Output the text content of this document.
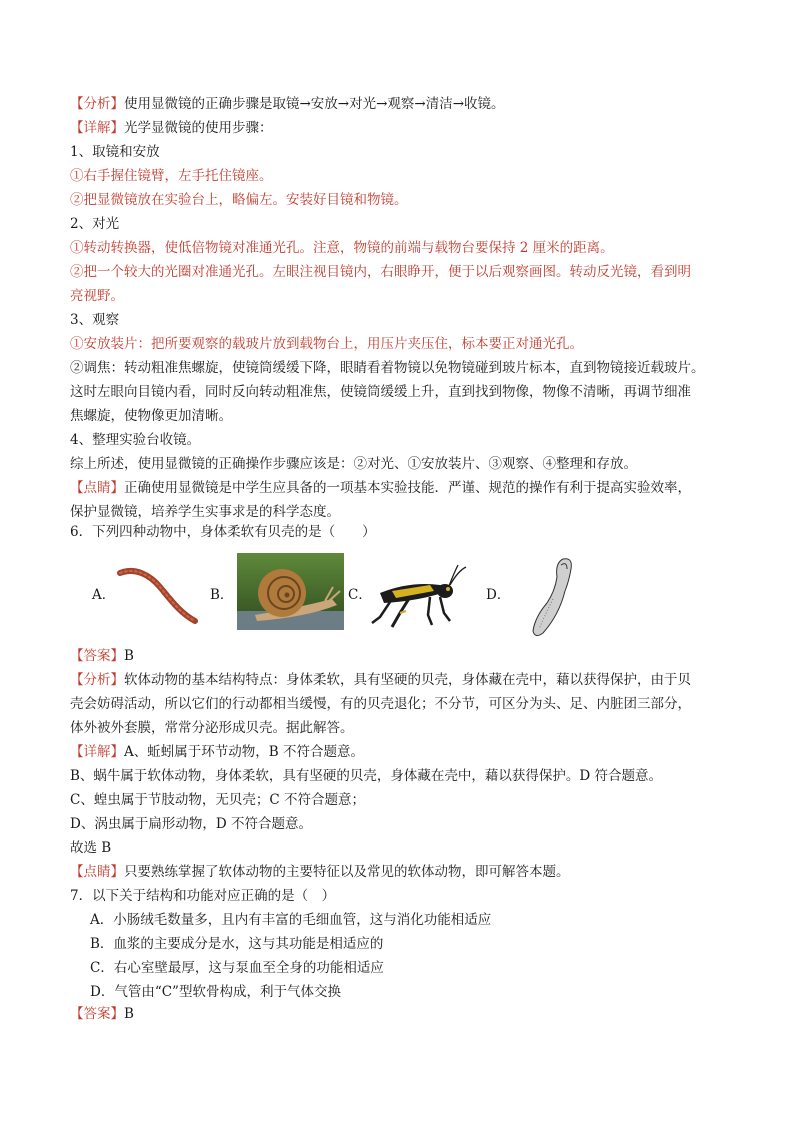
【分析】使用显微镜的正确步骤是取镜→安放→对光→观察→清洁→收镜。
【详解】光学显微镜的使用步骤：
1、取镜和安放
①右手握住镜臂，左手托住镜座。
②把显微镜放在实验台上，略偏左。安装好目镜和物镜。
2、对光
①转动转换器，使低倍物镜对准通光孔。注意，物镜的前端与载物台要保持 2 厘米的距离。
②把一个较大的光圈对准通光孔。左眼注视目镜内，右眼睁开，便于以后观察画图。转动反光镜，看到明
亮视野。
3、观察
①安放装片：把所要观察的载玻片放到载物台上，用压片夹压住，标本要正对通光孔。
②调焦：转动粗准焦螺旋，使镜筒缓缓下降，眼睛看着物镜以免物镜碰到玻片标本，直到物镜接近载玻片。
这时左眼向目镜内看，同时反向转动粗准焦，使镜筒缓缓上升，直到找到物像，物像不清晰，再调节细准
焦螺旋，使物像更加清晰。
4、整理实验台收镜。
综上所述，使用显微镜的正确操作步骤应该是：②对光、①安放装片、③观察、④整理和存放。
【点睛】正确使用显微镜是中学生应具备的一项基本实验技能．严谨、规范的操作有利于提高实验效率，
保护显微镜，培养学生实事求是的科学态度。
6．下列四种动物中，身体柔软有贝壳的是（　　）
A．	B．	C．	D．
【答案】B
【分析】软体动物的基本结构特点：身体柔软，具有坚硬的贝壳，身体藏在壳中，藉以获得保护，由于贝
壳会妨碍活动，所以它们的行动都相当缓慢，有的贝壳退化；不分节，可区分为头、足、内脏团三部分，
体外被外套膜，常常分泌形成贝壳。据此解答。
【详解】A、蚯蚓属于环节动物，B 不符合题意。
B、蜗牛属于软体动物，身体柔软，具有坚硬的贝壳，身体藏在壳中，藉以获得保护。D 符合题意。
C、蝗虫属于节肢动物，无贝壳；C 不符合题意；
D、涡虫属于扁形动物，D 不符合题意。
故选 B
【点睛】只要熟练掌握了软体动物的主要特征以及常见的软体动物，即可解答本题。
7．以下关于结构和功能对应正确的是（　）
A．小肠绒毛数量多，且内有丰富的毛细血管，这与消化功能相适应
B．血浆的主要成分是水，这与其功能是相适应的
C．右心室壁最厚，这与泵血至全身的功能相适应
D．气管由“C”型软骨构成，利于气体交换
【答案】B
